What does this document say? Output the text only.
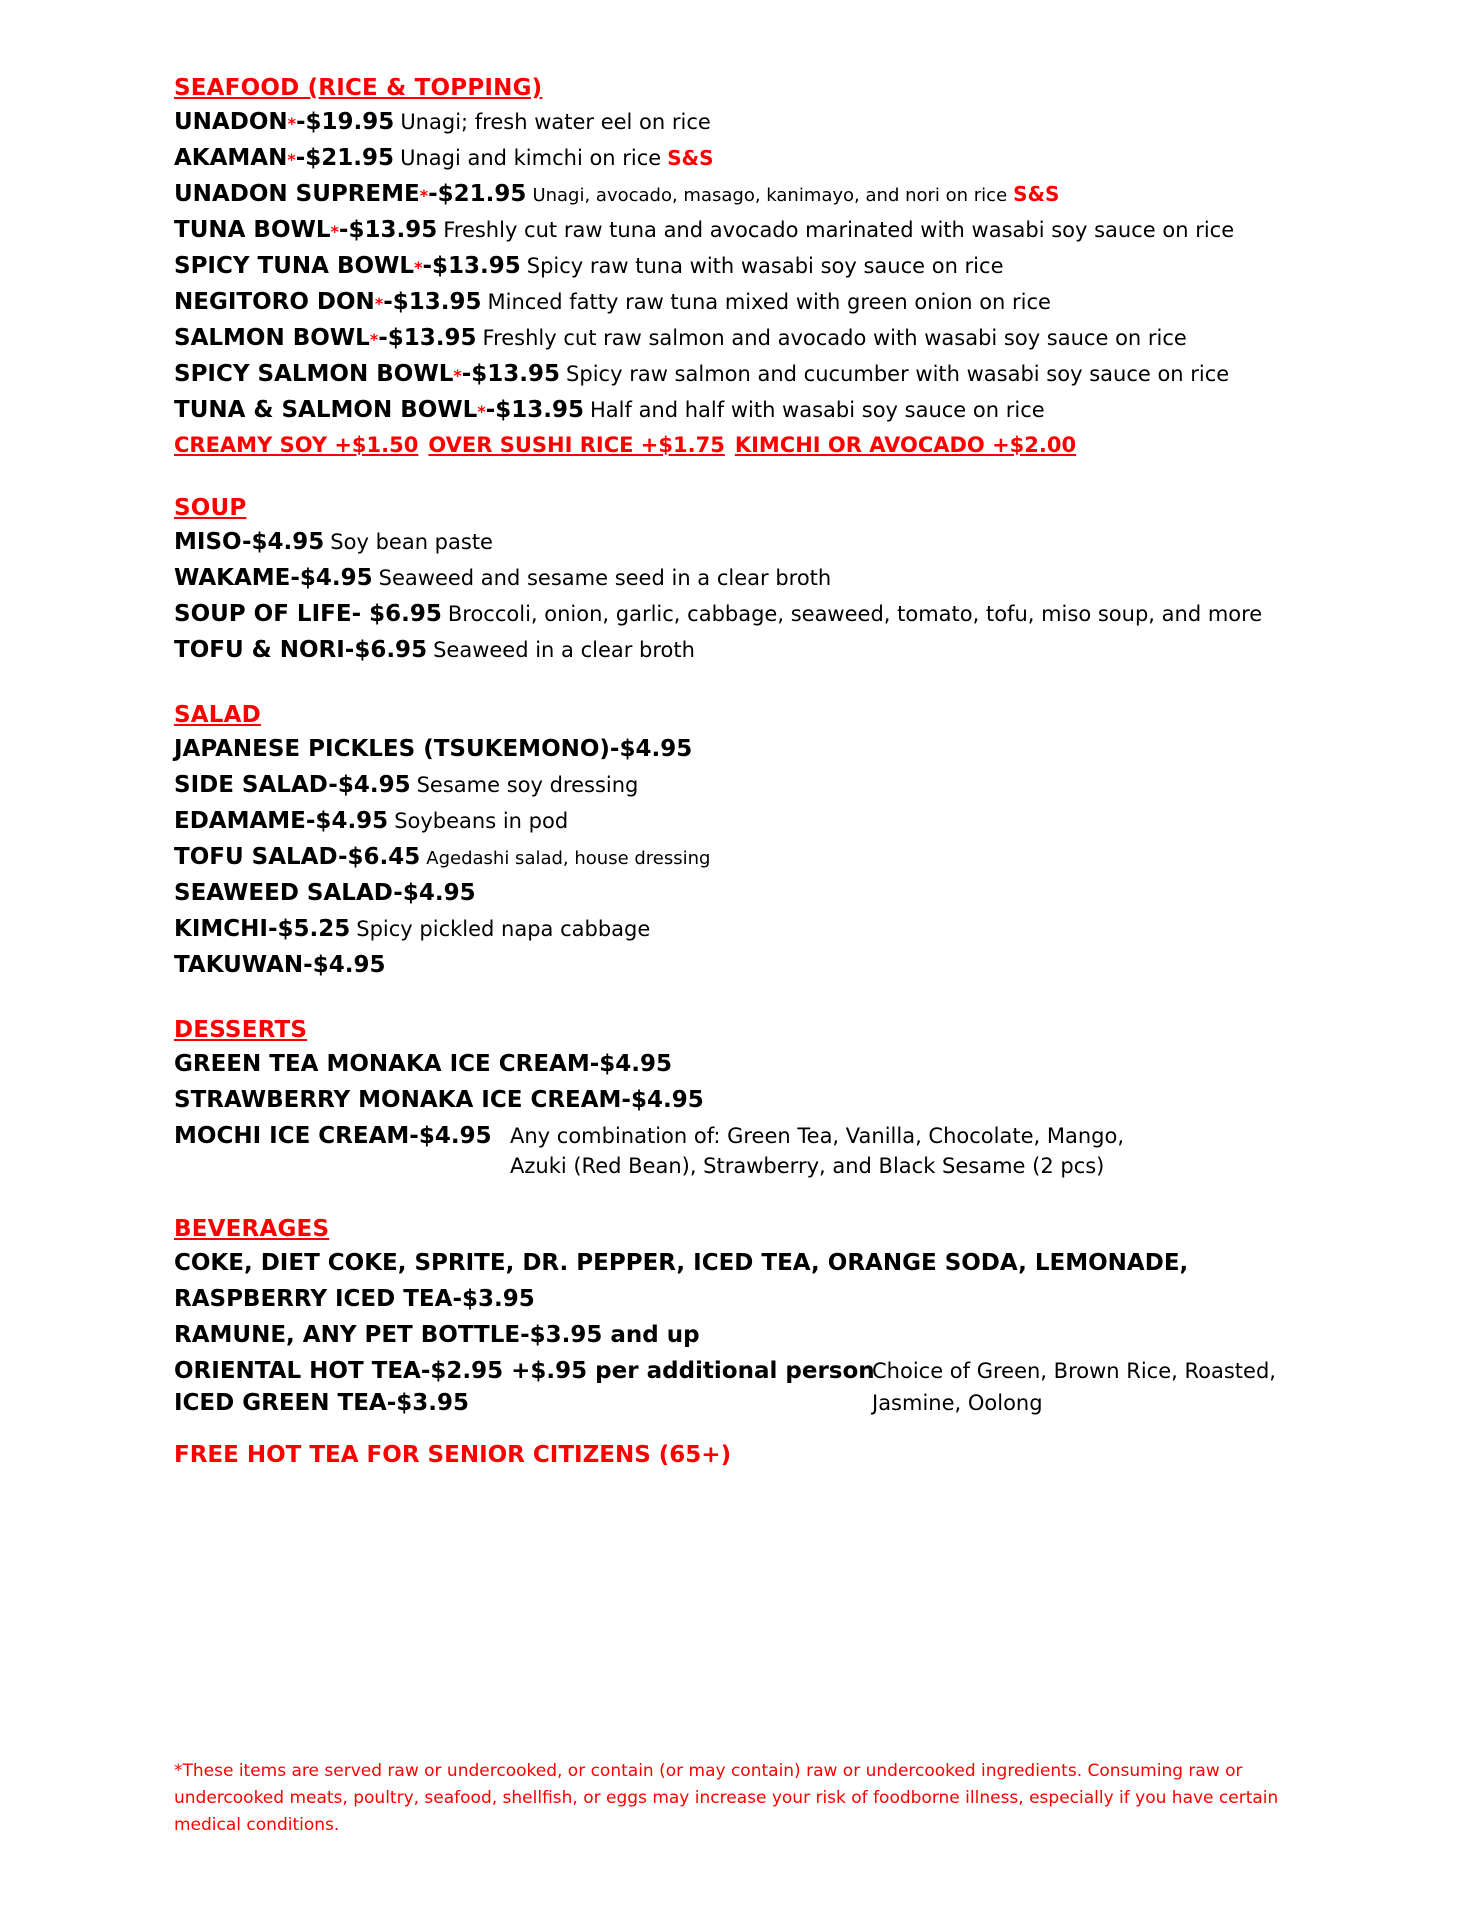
SEAFOOD (RICE & TOPPING)
UNADON*-$19.95 Unagi; fresh water eel on rice
AKAMAN*-$21.95 Unagi and kimchi on rice S&S
UNADON SUPREME*-$21.95 Unagi, avocado, masago, kanimayo, and nori on rice S&S
TUNA BOWL*-$13.95 Freshly cut raw tuna and avocado marinated with wasabi soy sauce on rice
SPICY TUNA BOWL*-$13.95 Spicy raw tuna with wasabi soy sauce on rice
NEGITORO DON*-$13.95 Minced fatty raw tuna mixed with green onion on rice
SALMON BOWL*-$13.95 Freshly cut raw salmon and avocado with wasabi soy sauce on rice
SPICY SALMON BOWL*-$13.95 Spicy raw salmon and cucumber with wasabi soy sauce on rice
TUNA & SALMON BOWL*-$13.95 Half and half with wasabi soy sauce on rice
CREAMY SOY +$1.50 OVER SUSHI RICE +$1.75 KIMCHI OR AVOCADO +$2.00
SOUP
MISO-$4.95 Soy bean paste
WAKAME-$4.95 Seaweed and sesame seed in a clear broth
SOUP OF LIFE- $6.95 Broccoli, onion, garlic, cabbage, seaweed, tomato, tofu, miso soup, and more
TOFU & NORI-$6.95 Seaweed in a clear broth
SALAD
JAPANESE PICKLES (TSUKEMONO)-$4.95
SIDE SALAD-$4.95 Sesame soy dressing
EDAMAME-$4.95 Soybeans in pod
TOFU SALAD-$6.45 Agedashi salad, house dressing
SEAWEED SALAD-$4.95
KIMCHI-$5.25 Spicy pickled napa cabbage
TAKUWAN-$4.95
DESSERTS
GREEN TEA MONAKA ICE CREAM-$4.95
STRAWBERRY MONAKA ICE CREAM-$4.95
MOCHI ICE CREAM-$4.95 Any combination of: Green Tea, Vanilla, Chocolate, Mango,
Azuki (Red Bean), Strawberry, and Black Sesame (2 pcs)
BEVERAGES
COKE, DIET COKE, SPRITE, DR. PEPPER, ICED TEA, ORANGE SODA, LEMONADE,
RASPBERRY ICED TEA-$3.95
RAMUNE, ANY PET BOTTLE-$3.95 and up
ORIENTAL HOT TEA-$2.95 +$.95 per additional person
ICED GREEN TEA-$3.95
Choice of Green, Brown Rice, Roasted,
Jasmine, Oolong
FREE HOT TEA FOR SENIOR CITIZENS (65+)
*These items are served raw or undercooked, or contain (or may contain) raw or undercooked ingredients. Consuming raw or undercooked meats, poultry, seafood, shellfish, or eggs may increase your risk of foodborne illness, especially if you have certain medical conditions.
